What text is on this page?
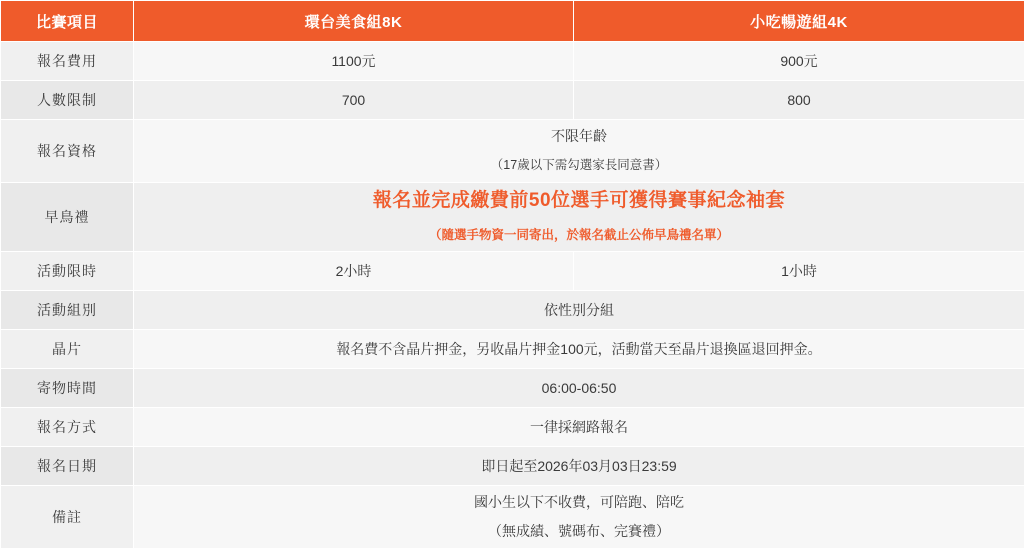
比賽項目	環台美食組8K	小吃暢遊組4K
報名費用	1100元	900元
人數限制	700	800
報名資格	不限年齡
（17歲以下需勾選家長同意書）	

早鳥禮	報名並完成繳費前50位選手可獲得賽事紀念袖套
（隨選手物資一同寄出，於報名截止公佈早鳥禮名單）	

活動限時	2小時	1小時
活動組別	依性別分組	
晶片	報名費不含晶片押金，另收晶片押金100元，活動當天至晶片退換區退回押金。	
寄物時間	06:00-06:50	
報名方式	一律採網路報名	
報名日期	即日起至2026年03月03日23:59	
備註	國小生以下不收費，可陪跑、陪吃
（無成績、號碼布、完賽禮）	
